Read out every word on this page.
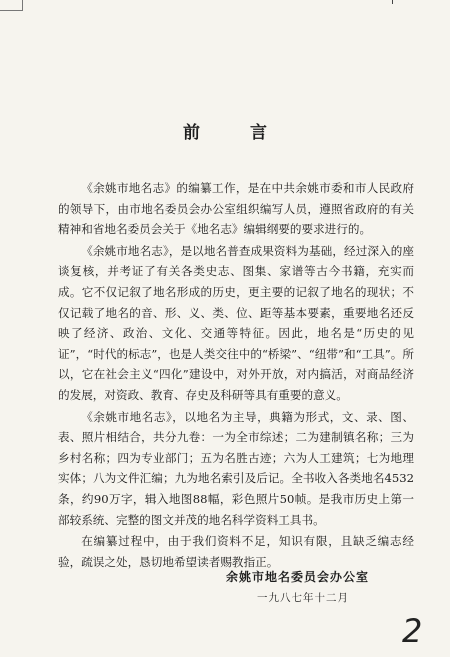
前 言

《余姚市地名志》的编纂工作，是在中共余姚市委和市人民政府的领导下，由市地名委员会办公室组织编写人员，遵照省政府的有关精神和省地名委员会关于《地名志》编辑纲要的要求进行的。

《余姚市地名志》，是以地名普查成果资料为基础，经过深入的座谈复核，并考证了有关各类史志、图集、家谱等古今书籍，充实而成。它不仅记叙了地名形成的历史，更主要的记叙了地名的现状；不仅记载了地名的音、形、义、类、位、距等基本要素，重要地名还反映了经济、政治、文化、交通等特征。因此，地名是“历史的见证”，“时代的标志”，也是人类交往中的“桥梁”、“纽带”和“工具”。所以，它在社会主义“四化”建设中，对外开放，对内搞活，对商品经济的发展，对资政、教育、存史及科研等具有重要的意义。

《余姚市地名志》，以地名为主导，典籍为形式，文、录、图、表、照片相结合，共分九卷：一为全市综述；二为建制镇名称；三为乡村名称；四为专业部门；五为名胜古迹；六为人工建筑；七为地理实体；八为文件汇编；九为地名索引及后记。全书收入各类地名4532条，约90万字，辑入地图88幅，彩色照片50帧。是我市历史上第一部较系统、完整的图文并茂的地名科学资料工具书。

在编纂过程中，由于我们资料不足，知识有限，且缺乏编志经验，疏误之处，恳切地希望读者赐教指正。

余姚市地名委员会办公室
一九八七年十二月
2
